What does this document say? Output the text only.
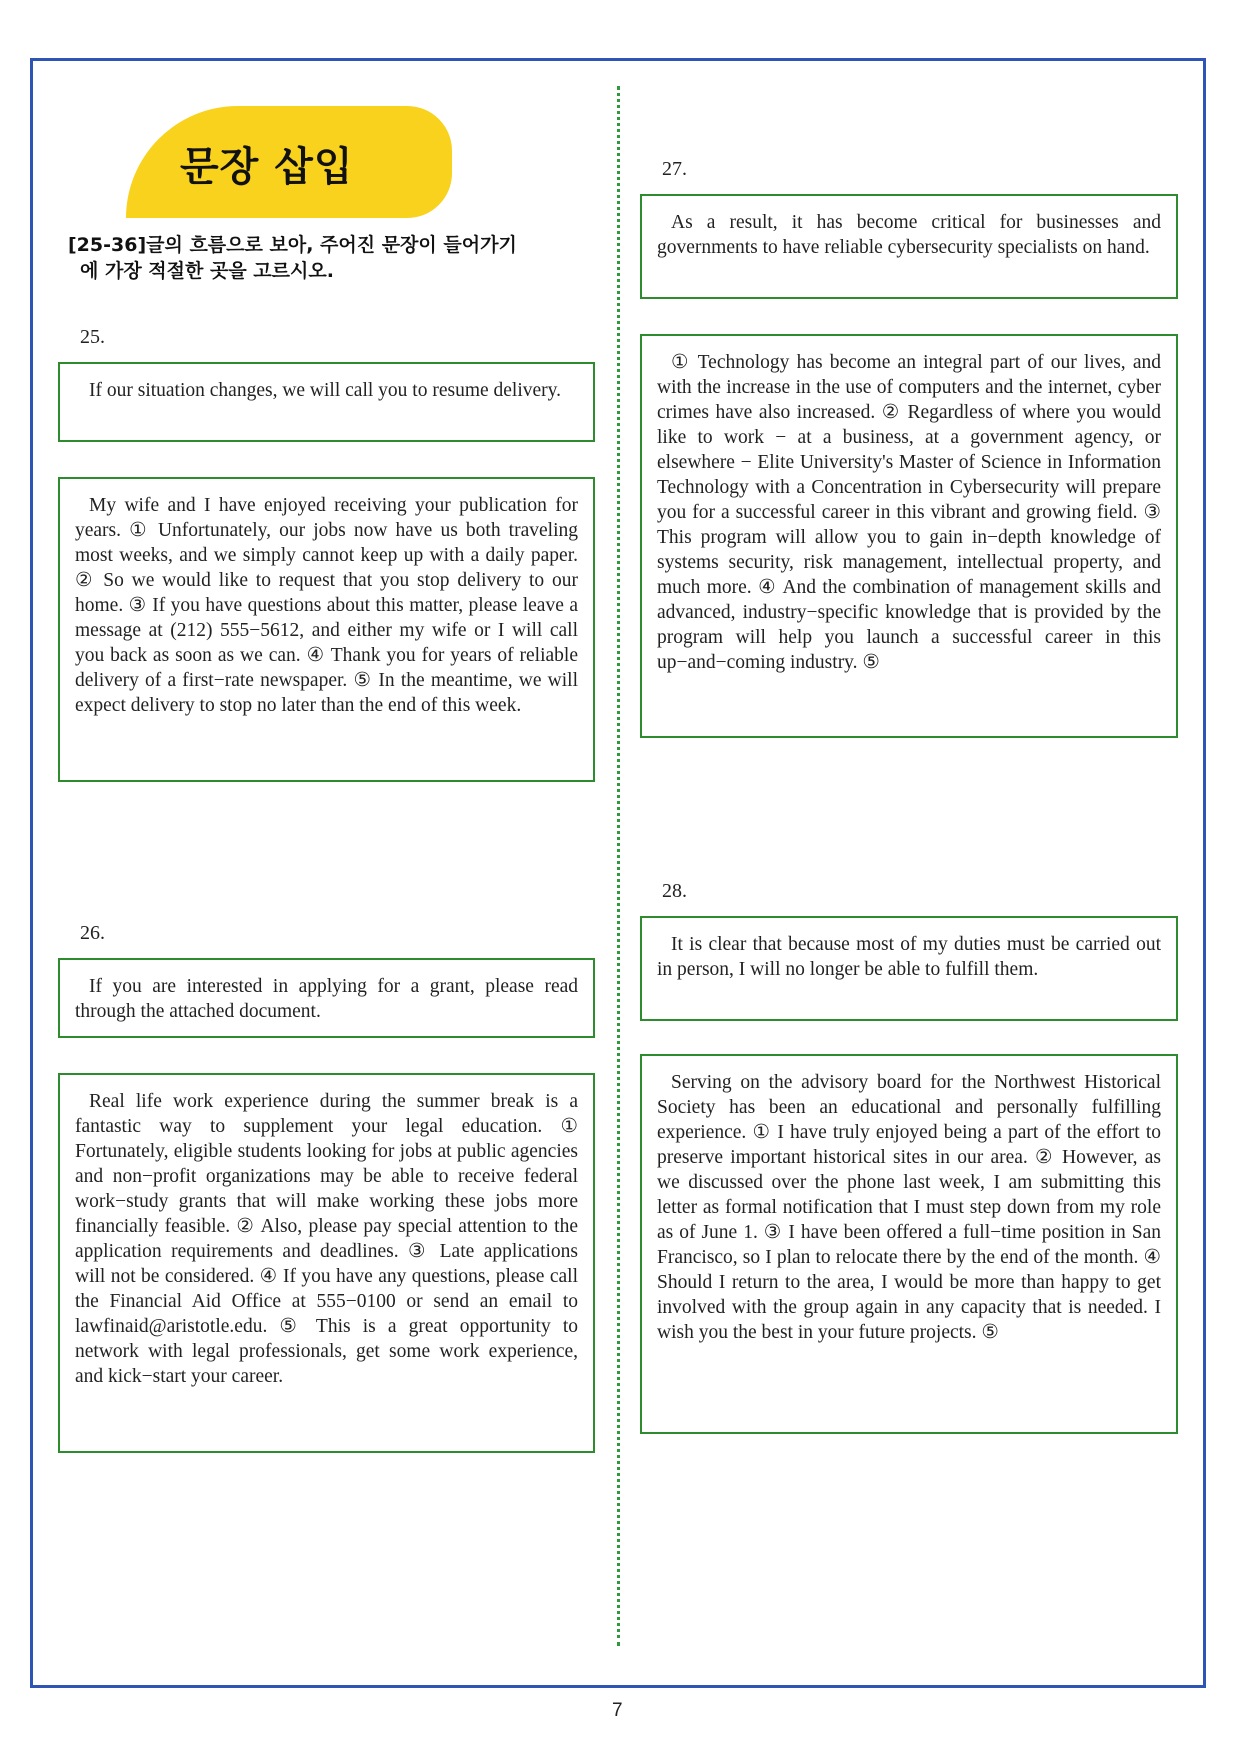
문장 삽입
[25-36]글의 흐름으로 보아, 주어진 문장이 들어가기
에 가장 적절한 곳을 고르시오.
25.
If our situation changes, we will call you to resume delivery.
My wife and I have enjoyed receiving your publication for years. ① Unfortunately, our jobs now have us both traveling most weeks, and we simply cannot keep up with a daily paper. ② So we would like to request that you stop delivery to our home. ③ If you have questions about this matter, please leave a message at (212) 555−5612, and either my wife or I will call you back as soon as we can. ④ Thank you for years of reliable delivery of a first−rate newspaper. ⑤ In the meantime, we will expect delivery to stop no later than the end of this week.
26.
If you are interested in applying for a grant, please read through the attached document.
Real life work experience during the summer break is a fantastic way to supplement your legal education. ① Fortunately, eligible students looking for jobs at public agencies and non−profit organizations may be able to receive federal work−study grants that will make working these jobs more financially feasible. ② Also, please pay special attention to the application requirements and deadlines. ③ Late applications will not be considered. ④ If you have any questions, please call the Financial Aid Office at 555−0100 or send an email to lawfinaid@aristotle.edu. ⑤ This is a great opportunity to network with legal professionals, get some work experience, and kick−start your career.
27.
As a result, it has become critical for businesses and governments to have reliable cybersecurity specialists on hand.
① Technology has become an integral part of our lives, and with the increase in the use of computers and the internet, cyber crimes have also increased. ② Regardless of where you would like to work − at a business, at a government agency, or elsewhere − Elite University's Master of Science in Information Technology with a Concentration in Cybersecurity will prepare you for a successful career in this vibrant and growing field. ③ This program will allow you to gain in−depth knowledge of systems security, risk management, intellectual property, and much more. ④ And the combination of management skills and advanced, industry−specific knowledge that is provided by the program will help you launch a successful career in this up−and−coming industry. ⑤
28.
It is clear that because most of my duties must be carried out in person, I will no longer be able to fulfill them.
Serving on the advisory board for the Northwest Historical Society has been an educational and personally fulfilling experience. ① I have truly enjoyed being a part of the effort to preserve important historical sites in our area. ② However, as we discussed over the phone last week, I am submitting this letter as formal notification that I must step down from my role as of June 1. ③ I have been offered a full−time position in San Francisco, so I plan to relocate there by the end of the month. ④ Should I return to the area, I would be more than happy to get involved with the group again in any capacity that is needed. I wish you the best in your future projects. ⑤
7
